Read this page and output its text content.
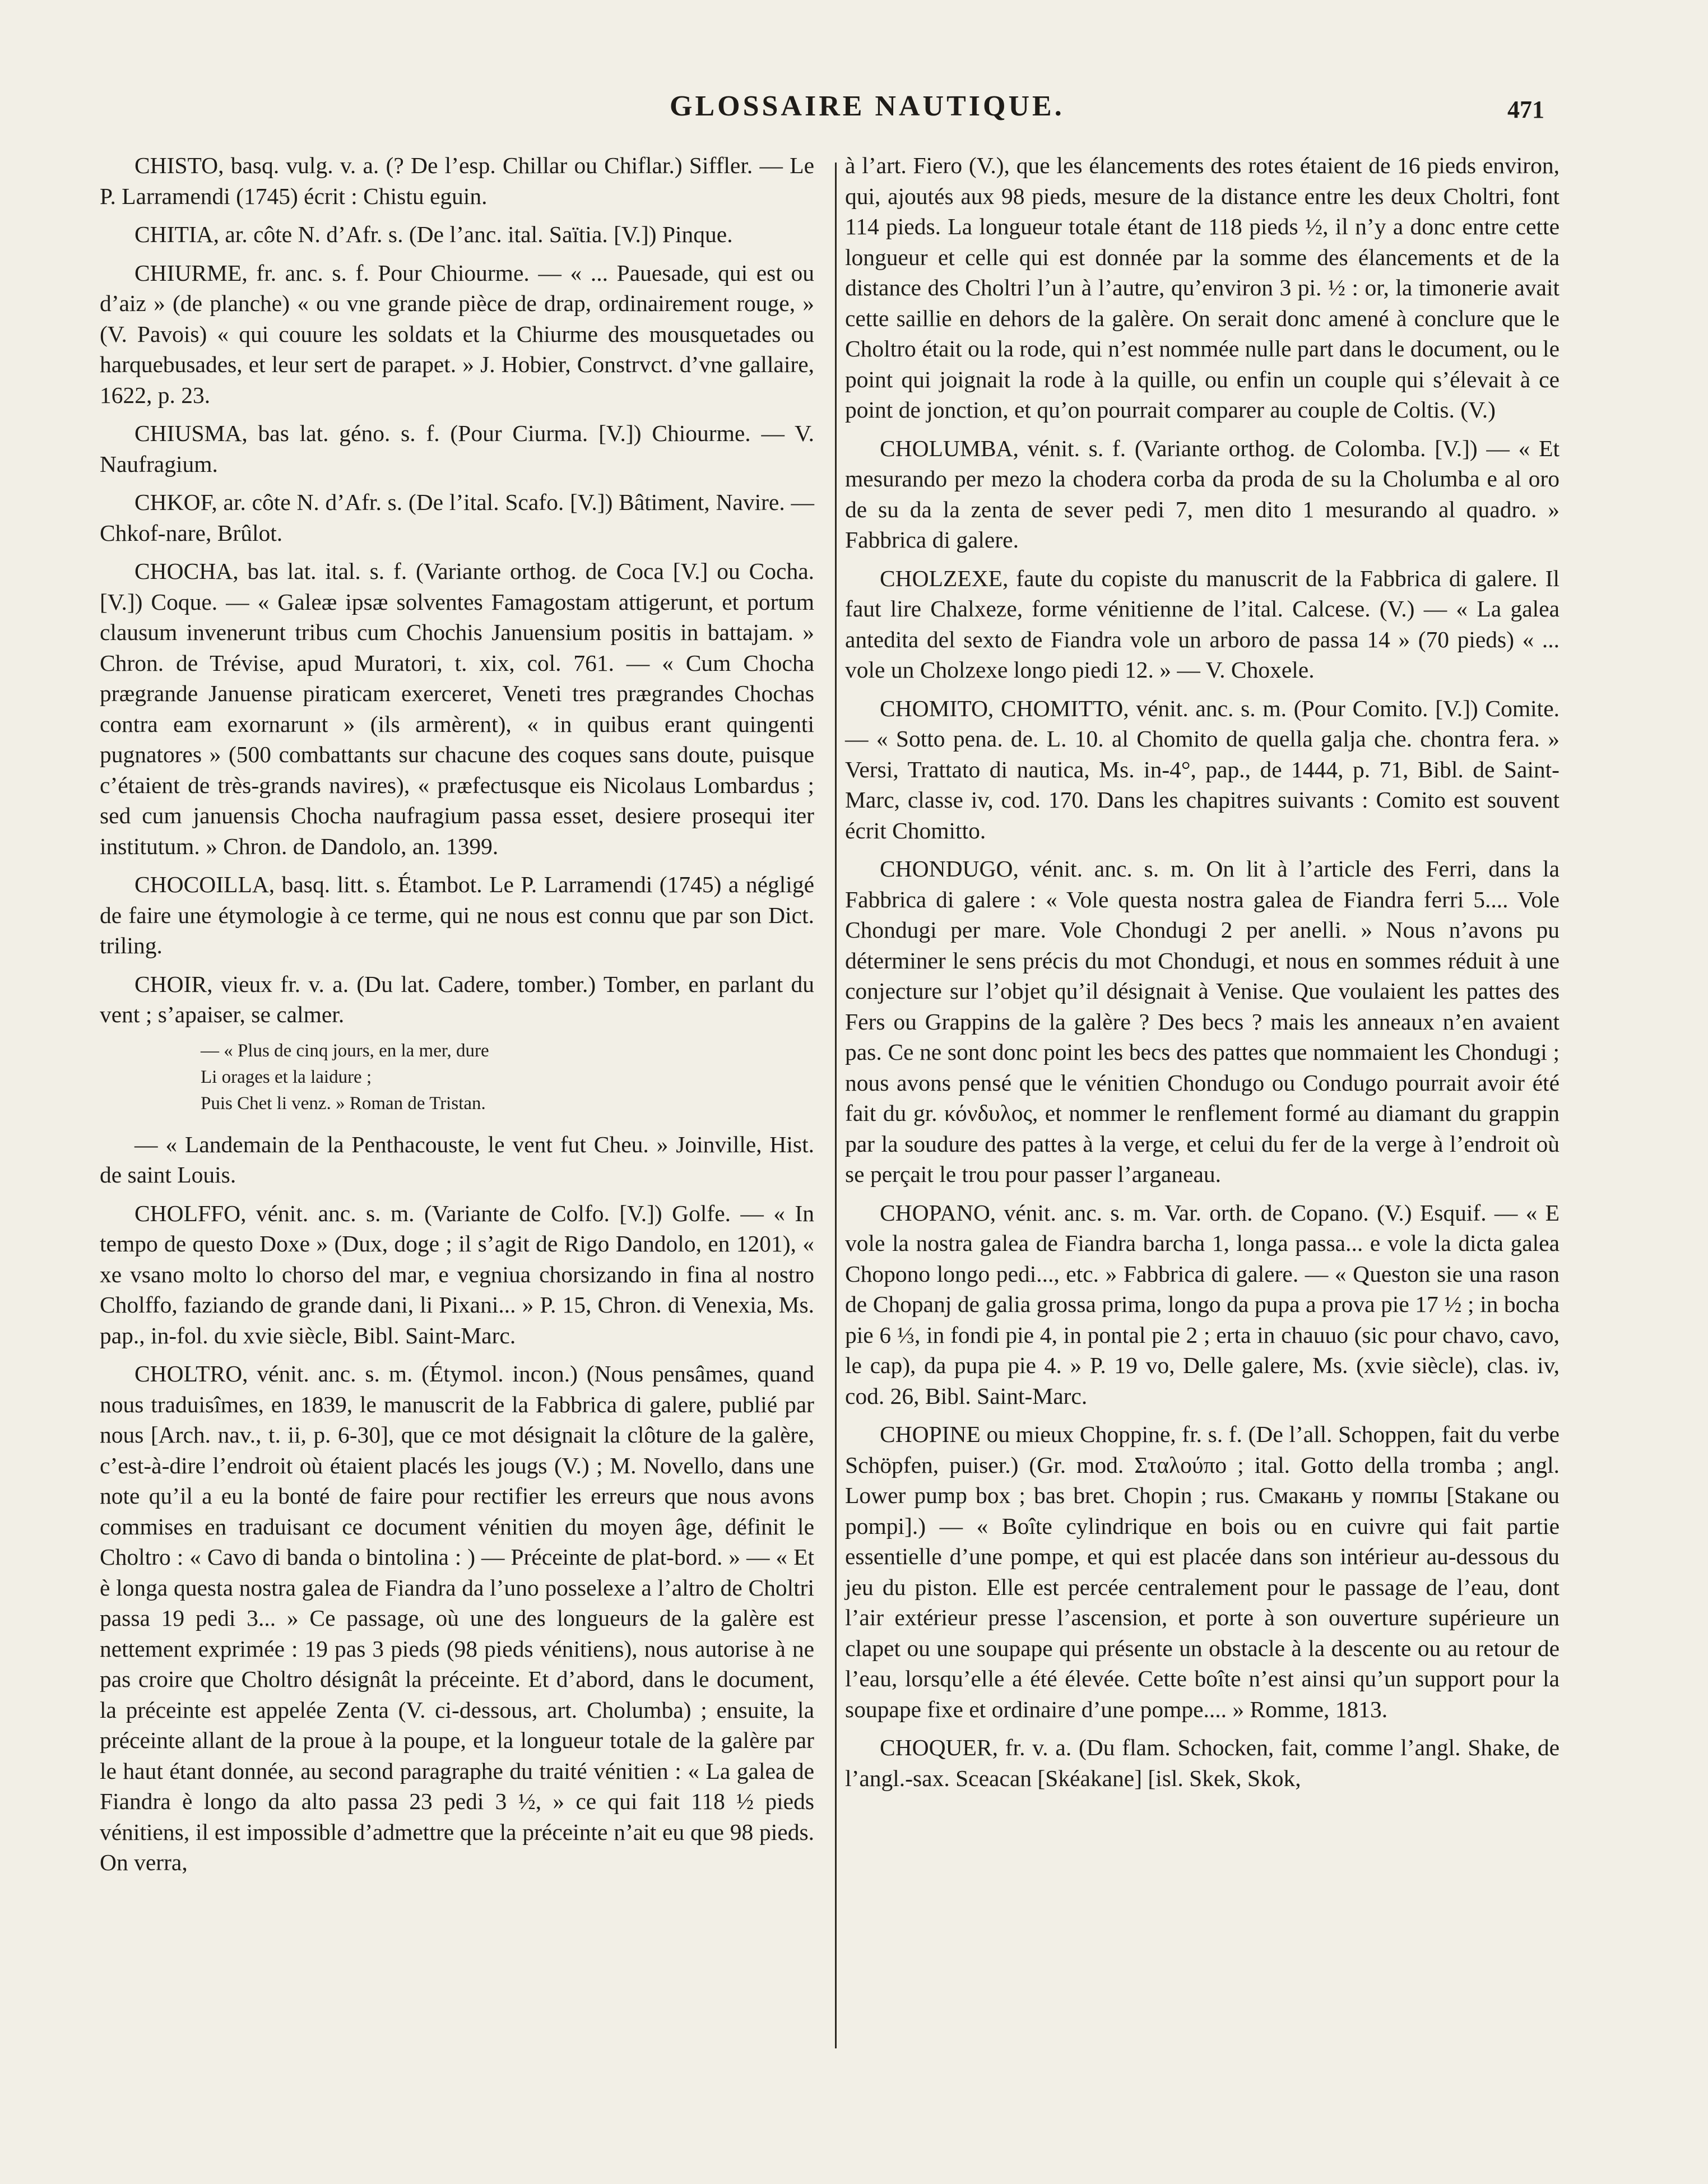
GLOSSAIRE NAUTIQUE.	471

CHISTO, basq. vulg. v. a. (? De l’esp. Chillar ou Chiflar.) Siffler. — Le P. Larramendi (1745) écrit : Chistu eguin.

CHITIA, ar. côte N. d’Afr. s. (De l’anc. ital. Saïtia. [V.]) Pinque.

CHIURME, fr. anc. s. f. Pour Chiourme. — « ... Pauesade, qui est ou d’aiz » (de planche) « ou vne grande pièce de drap, ordinairement rouge, » (V. Pavois) « qui couure les soldats et la Chiurme des mousquetades ou harquebusades, et leur sert de parapet. » J. Hobier, Constrvct. d’vne gallaire, 1622, p. 23.

CHIUSMA, bas lat. géno. s. f. (Pour Ciurma. [V.]) Chiourme. — V. Naufragium.

CHKOF, ar. côte N. d’Afr. s. (De l’ital. Scafo. [V.]) Bâtiment, Navire. — Chkof-nare, Brûlot.

CHOCHA, bas lat. ital. s. f. (Variante orthog. de Coca [V.] ou Cocha. [V.]) Coque. — « Galeæ ipsæ solventes Famagostam attigerunt, et portum clausum invenerunt tribus cum Chochis Januensium positis in battajam. » Chron. de Trévise, apud Muratori, t. xix, col. 761. — « Cum Chocha prægrande Januense piraticam exerceret, Veneti tres prægrandes Chochas contra eam exornarunt » (ils armèrent), « in quibus erant quingenti pugnatores » (500 combattants sur chacune des coques sans doute, puisque c’étaient de très-grands navires), « præfectusque eis Nicolaus Lombardus ; sed cum januensis Chocha naufragium passa esset, desiere prosequi iter institutum. » Chron. de Dandolo, an. 1399.

CHOCOILLA, basq. litt. s. Étambot. Le P. Larramendi (1745) a négligé de faire une étymologie à ce terme, qui ne nous est connu que par son Dict. triling.

CHOIR, vieux fr. v. a. (Du lat. Cadere, tomber.) Tomber, en parlant du vent ; s’apaiser, se calmer.

— « Plus de cinq jours, en la mer, dure
Li orages et la laidure ;
Puis Chet li venz. » Roman de Tristan.

— « Landemain de la Penthacouste, le vent fut Cheu. » Joinville, Hist. de saint Louis.

CHOLFFO, vénit. anc. s. m. (Variante de Colfo. [V.]) Golfe. — « In tempo de questo Doxe » (Dux, doge ; il s’agit de Rigo Dandolo, en 1201), « xe vsano molto lo chorso del mar, e vegniua chorsizando in fina al nostro Cholffo, faziando de grande dani, li Pixani... » P. 15, Chron. di Venexia, Ms. pap., in-fol. du xvie siècle, Bibl. Saint-Marc.

CHOLTRO, vénit. anc. s. m. (Étymol. incon.) (Nous pensâmes, quand nous traduisîmes, en 1839, le manuscrit de la Fabbrica di galere, publié par nous [Arch. nav., t. ii, p. 6-30], que ce mot désignait la clôture de la galère, c’est-à-dire l’endroit où étaient placés les jougs (V.) ; M. Novello, dans une note qu’il a eu la bonté de faire pour rectifier les erreurs que nous avons commises en traduisant ce document vénitien du moyen âge, définit le Choltro : « Cavo di banda o bintolina : ) — Préceinte de plat-bord. » — « Et è longa questa nostra galea de Fiandra da l’uno posselexe a l’altro de Choltri passa 19 pedi 3... » Ce passage, où une des longueurs de la galère est nettement exprimée : 19 pas 3 pieds (98 pieds vénitiens), nous autorise à ne pas croire que Choltro désignât la préceinte. Et d’abord, dans le document, la préceinte est appelée Zenta (V. ci-dessous, art. Cholumba) ; ensuite, la préceinte allant de la proue à la poupe, et la longueur totale de la galère par le haut étant donnée, au second paragraphe du traité vénitien : « La galea de Fiandra è longo da alto passa 23 pedi 3 ½, » ce qui fait 118 ½ pieds vénitiens, il est impossible d’admettre que la préceinte n’ait eu que 98 pieds. On verra,

à l’art. Fiero (V.), que les élancements des rotes étaient de 16 pieds environ, qui, ajoutés aux 98 pieds, mesure de la distance entre les deux Choltri, font 114 pieds. La longueur totale étant de 118 pieds ½, il n’y a donc entre cette longueur et celle qui est donnée par la somme des élancements et de la distance des Choltri l’un à l’autre, qu’environ 3 pi. ½ : or, la timonerie avait cette saillie en dehors de la galère. On serait donc amené à conclure que le Choltro était ou la rode, qui n’est nommée nulle part dans le document, ou le point qui joignait la rode à la quille, ou enfin un couple qui s’élevait à ce point de jonction, et qu’on pourrait comparer au couple de Coltis. (V.)

CHOLUMBA, vénit. s. f. (Variante orthog. de Colomba. [V.]) — « Et mesurando per mezo la chodera corba da proda de su la Cholumba e al oro de su da la zenta de sever pedi 7, men dito 1 mesurando al quadro. » Fabbrica di galere.

CHOLZEXE, faute du copiste du manuscrit de la Fabbrica di galere. Il faut lire Chalxeze, forme vénitienne de l’ital. Calcese. (V.) — « La galea antedita del sexto de Fiandra vole un arboro de passa 14 » (70 pieds) « ... vole un Cholzexe longo piedi 12. » — V. Choxele.

CHOMITO, CHOMITTO, vénit. anc. s. m. (Pour Comito. [V.]) Comite. — « Sotto pena. de. L. 10. al Chomito de quella galja che. chontra fera. » Versi, Trattato di nautica, Ms. in-4°, pap., de 1444, p. 71, Bibl. de Saint-Marc, classe iv, cod. 170. Dans les chapitres suivants : Comito est souvent écrit Chomitto.

CHONDUGO, vénit. anc. s. m. On lit à l’article des Ferri, dans la Fabbrica di galere : « Vole questa nostra galea de Fiandra ferri 5.... Vole Chondugi per mare. Vole Chondugi 2 per anelli. » Nous n’avons pu déterminer le sens précis du mot Chondugi, et nous en sommes réduit à une conjecture sur l’objet qu’il désignait à Venise. Que voulaient les pattes des Fers ou Grappins de la galère ? Des becs ? mais les anneaux n’en avaient pas. Ce ne sont donc point les becs des pattes que nommaient les Chondugi ; nous avons pensé que le vénitien Chondugo ou Condugo pourrait avoir été fait du gr. κόνδυλος, et nommer le renflement formé au diamant du grappin par la soudure des pattes à la verge, et celui du fer de la verge à l’endroit où se perçait le trou pour passer l’arganeau.

CHOPANO, vénit. anc. s. m. Var. orth. de Copano. (V.) Esquif. — « E vole la nostra galea de Fiandra barcha 1, longa passa... e vole la dicta galea Chopono longo pedi..., etc. » Fabbrica di galere. — « Queston sie una rason de Chopanj de galia grossa prima, longo da pupa a prova pie 17 ½ ; in bocha pie 6 ⅓, in fondi pie 4, in pontal pie 2 ; erta in chauuo (sic pour chavo, cavo, le cap), da pupa pie 4. » P. 19 vo, Delle galere, Ms. (xvie siècle), clas. iv, cod. 26, Bibl. Saint-Marc.

CHOPINE ou mieux Choppine, fr. s. f. (De l’all. Schoppen, fait du verbe Schöpfen, puiser.) (Gr. mod. Σταλούπο ; ital. Gotto della tromba ; angl. Lower pump box ; bas bret. Chopin ; rus. Смакань у помпы [Stakane ou pompi].) — « Boîte cylindrique en bois ou en cuivre qui fait partie essentielle d’une pompe, et qui est placée dans son intérieur au-dessous du jeu du piston. Elle est percée centralement pour le passage de l’eau, dont l’air extérieur presse l’ascension, et porte à son ouverture supérieure un clapet ou une soupape qui présente un obstacle à la descente ou au retour de l’eau, lorsqu’elle a été élevée. Cette boîte n’est ainsi qu’un support pour la soupape fixe et ordinaire d’une pompe.... » Romme, 1813.

CHOQUER, fr. v. a. (Du flam. Schocken, fait, comme l’angl. Shake, de l’angl.-sax. Sceacan [Skéakane] [isl. Skek, Skok,
